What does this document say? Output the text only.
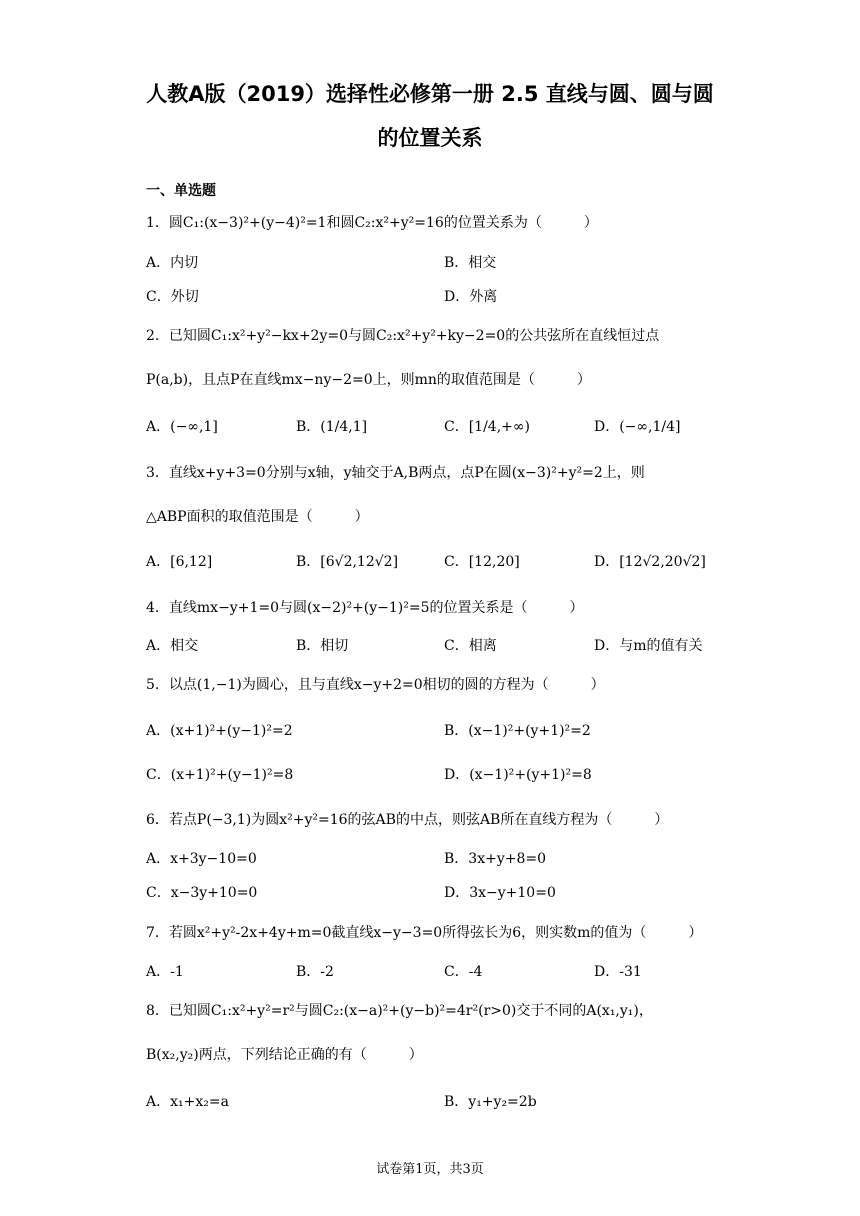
人教A版（2019）选择性必修第一册 2.5 直线与圆、圆与圆
的位置关系
一、单选题
1．圆C₁:(x−3)²+(y−4)²=1和圆C₂:x²+y²=16的位置关系为（　　　）
A．内切	B．相交
C．外切	D．外离
2．已知圆C₁:x²+y²−kx+2y=0与圆C₂:x²+y²+ky−2=0的公共弦所在直线恒过点
P(a,b)，且点P在直线mx−ny−2=0上，则mn的取值范围是（　　　）
A．(−∞,1]	B．(1/4,1]	C．[1/4,+∞)	D．(−∞,1/4]
3．直线x+y+3=0分别与x轴，y轴交于A,B两点，点P在圆(x−3)²+y²=2上，则
△ABP面积的取值范围是（　　　）
A．[6,12]	B．[6√2,12√2]	C．[12,20]	D．[12√2,20√2]
4．直线mx−y+1=0与圆(x−2)²+(y−1)²=5的位置关系是（　　　）
A．相交	B．相切	C．相离	D．与m的值有关
5．以点(1,−1)为圆心，且与直线x−y+2=0相切的圆的方程为（　　　）
A．(x+1)²+(y−1)²=2	B．(x−1)²+(y+1)²=2
C．(x+1)²+(y−1)²=8	D．(x−1)²+(y+1)²=8
6．若点P(−3,1)为圆x²+y²=16的弦AB的中点，则弦AB所在直线方程为（　　　）
A．x+3y−10=0	B．3x+y+8=0
C．x−3y+10=0	D．3x−y+10=0
7．若圆x²+y²-2x+4y+m=0截直线x−y−3=0所得弦长为6，则实数m的值为（　　　）
A．-1	B．-2	C．-4	D．-31
8．已知圆C₁:x²+y²=r²与圆C₂:(x−a)²+(y−b)²=4r²(r>0)交于不同的A(x₁,y₁)，
B(x₂,y₂)两点，下列结论正确的有（　　　）
A．x₁+x₂=a	B．y₁+y₂=2b
试卷第1页，共3页
